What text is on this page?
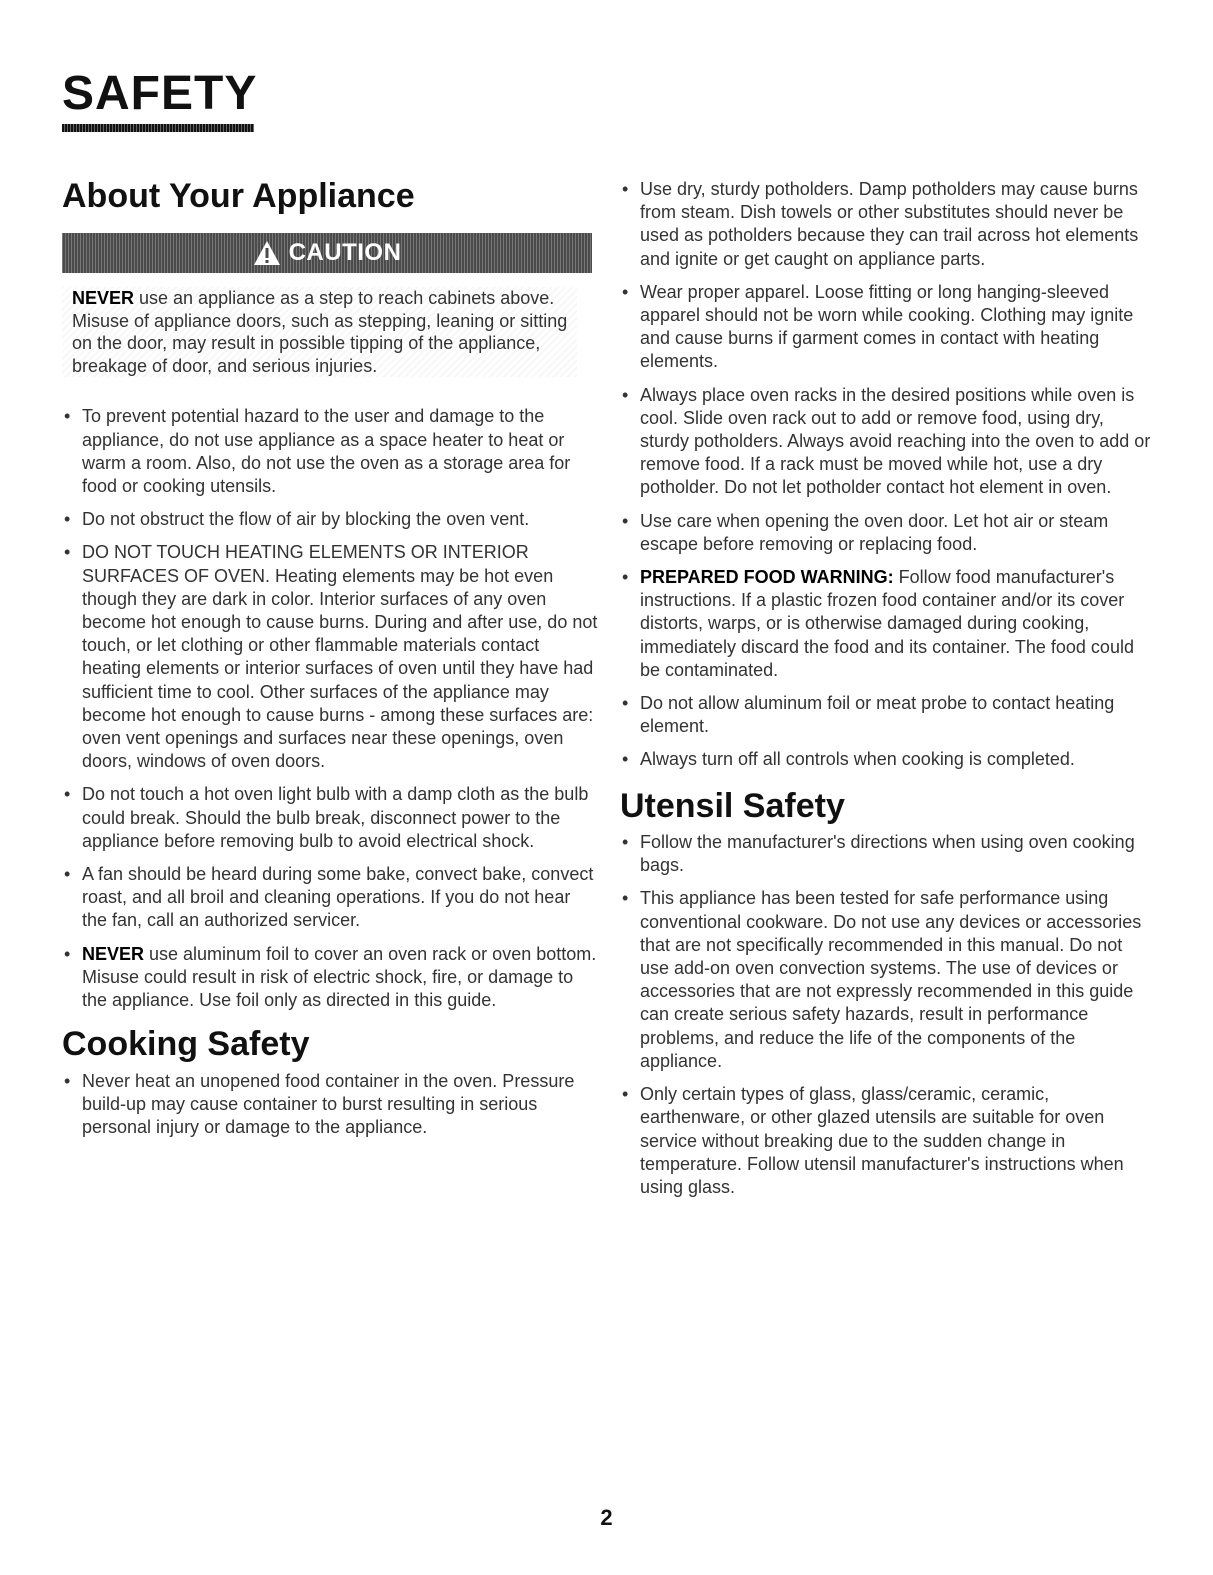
SAFETY
About Your Appliance
CAUTION

NEVER use an appliance as a step to reach cabinets above. Misuse of appliance doors, such as stepping, leaning or sitting on the door, may result in possible tipping of the appliance, breakage of door, and serious injuries.

• To prevent potential hazard to the user and damage to the appliance, do not use appliance as a space heater to heat or warm a room. Also, do not use the oven as a storage area for food or cooking utensils.
• Do not obstruct the flow of air by blocking the oven vent.
• DO NOT TOUCH HEATING ELEMENTS OR INTERIOR SURFACES OF OVEN. Heating elements may be hot even though they are dark in color. Interior surfaces of any oven become hot enough to cause burns. During and after use, do not touch, or let clothing or other flammable materials contact heating elements or interior surfaces of oven until they have had sufficient time to cool. Other surfaces of the appliance may become hot enough to cause burns - among these surfaces are: oven vent openings and surfaces near these openings, oven doors, windows of oven doors.
• Do not touch a hot oven light bulb with a damp cloth as the bulb could break. Should the bulb break, disconnect power to the appliance before removing bulb to avoid electrical shock.
• A fan should be heard during some bake, convect bake, convect roast, and all broil and cleaning operations. If you do not hear the fan, call an authorized servicer.
• NEVER use aluminum foil to cover an oven rack or oven bottom. Misuse could result in risk of electric shock, fire, or damage to the appliance. Use foil only as directed in this guide.
Cooking Safety
• Never heat an unopened food container in the oven. Pressure build-up may cause container to burst resulting in serious personal injury or damage to the appliance.
• Use dry, sturdy potholders. Damp potholders may cause burns from steam. Dish towels or other substitutes should never be used as potholders because they can trail across hot elements and ignite or get caught on appliance parts.
• Wear proper apparel. Loose fitting or long hanging-sleeved apparel should not be worn while cooking. Clothing may ignite and cause burns if garment comes in contact with heating elements.
• Always place oven racks in the desired positions while oven is cool. Slide oven rack out to add or remove food, using dry, sturdy potholders. Always avoid reaching into the oven to add or remove food. If a rack must be moved while hot, use a dry potholder. Do not let potholder contact hot element in oven.
• Use care when opening the oven door. Let hot air or steam escape before removing or replacing food.
• PREPARED FOOD WARNING: Follow food manufacturer's instructions. If a plastic frozen food container and/or its cover distorts, warps, or is otherwise damaged during cooking, immediately discard the food and its container. The food could be contaminated.
• Do not allow aluminum foil or meat probe to contact heating element.
• Always turn off all controls when cooking is completed.
Utensil Safety
• Follow the manufacturer's directions when using oven cooking bags.
• This appliance has been tested for safe performance using conventional cookware. Do not use any devices or accessories that are not specifically recommended in this manual. Do not use add-on oven convection systems. The use of devices or accessories that are not expressly recommended in this guide can create serious safety hazards, result in performance problems, and reduce the life of the components of the appliance.
• Only certain types of glass, glass/ceramic, ceramic, earthenware, or other glazed utensils are suitable for oven service without breaking due to the sudden change in temperature. Follow utensil manufacturer's instructions when using glass.
2
